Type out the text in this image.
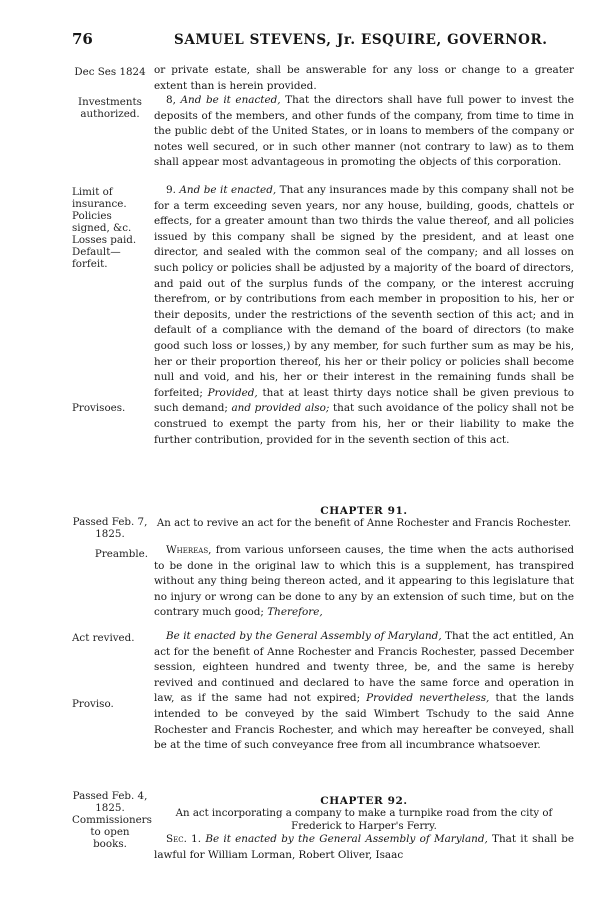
76	SAMUEL STEVENS, Jr. ESQUIRE, GOVERNOR.
Dec Ses 1824 or private estate, shall be answerable for any loss or change to a greater extent than is herein provided.

Investments authorized.

8, And be it enacted, That the directors shall have full power to invest the deposits of the members, and other funds of the company, from time to time in the public debt of the United States, or in loans to members of the company or notes well secured, or in such other manner (not contrary to law) as to them shall appear most advantageous in promoting the objects of this corporation.

Limit of insurance. Policies signed, &c. Losses paid. Default—forfeit.
Provisoes.

9. And be it enacted, That any insurances made by this company shall not be for a term exceeding seven years, nor any house, building, goods, chattels or effects, for a greater amount than two thirds the value thereof, and all policies issued by this company shall be signed by the president, and at least one director, and sealed with the common seal of the company; and all losses on such policy or policies shall be adjusted by a majority of the board of directors, and paid out of the surplus funds of the company, or the interest accruing therefrom, or by contributions from each member in proposition to his, her or their deposits, under the restrictions of the seventh section of this act; and in default of a compliance with the demand of the board of directors (to make good such loss or losses,) by any member, for such further sum as may be his, her or their proportion thereof, his her or their policy or policies shall become null and void, and his, her or their interest in the remaining funds shall be forfeited; Provided, that at least thirty days notice shall be given previous to such demand; and provided also; that such avoidance of the policy shall not be construed to exempt the party from his, her or their liability to make the further contribution, provided for in the seventh section of this act.

CHAPTER 91.
Passed Feb. 7, 1825.
An act to revive an act for the benefit of Anne Rochester and Francis Rochester.
Preamble.	Whereas, from various unforseen causes, the time when the acts authorised to be done in the original law to which this is a supplement, has transpired without any thing being thereon acted, and it appearing to this legislature that no injury or wrong can be done to any by an extension of such time, but on the contrary much good; Therefore,

Act revived.
Proviso.

Be it enacted by the General Assembly of Maryland, That the act entitled, An act for the benefit of Anne Rochester and Francis Rochester, passed December session, eighteen hundred and twenty three, be, and the same is hereby revived and continued and declared to have the same force and operation in law, as if the same had not expired; Provided nevertheless, that the lands intended to be conveyed by the said Wimbert Tschudy to the said Anne Rochester and Francis Rochester, and which may hereafter be conveyed, shall be at the time of such conveyance free from all incumbrance whatsoever.

CHAPTER 92.
Passed Feb. 4, 1825. Commissioners to open books.
An act incorporating a company to make a turnpike road from the city of Frederick to Harper's Ferry.

Sec. 1. Be it enacted by the General Assembly of Maryland, That it shall be lawful for William Lorman, Robert Oliver, Isaac
